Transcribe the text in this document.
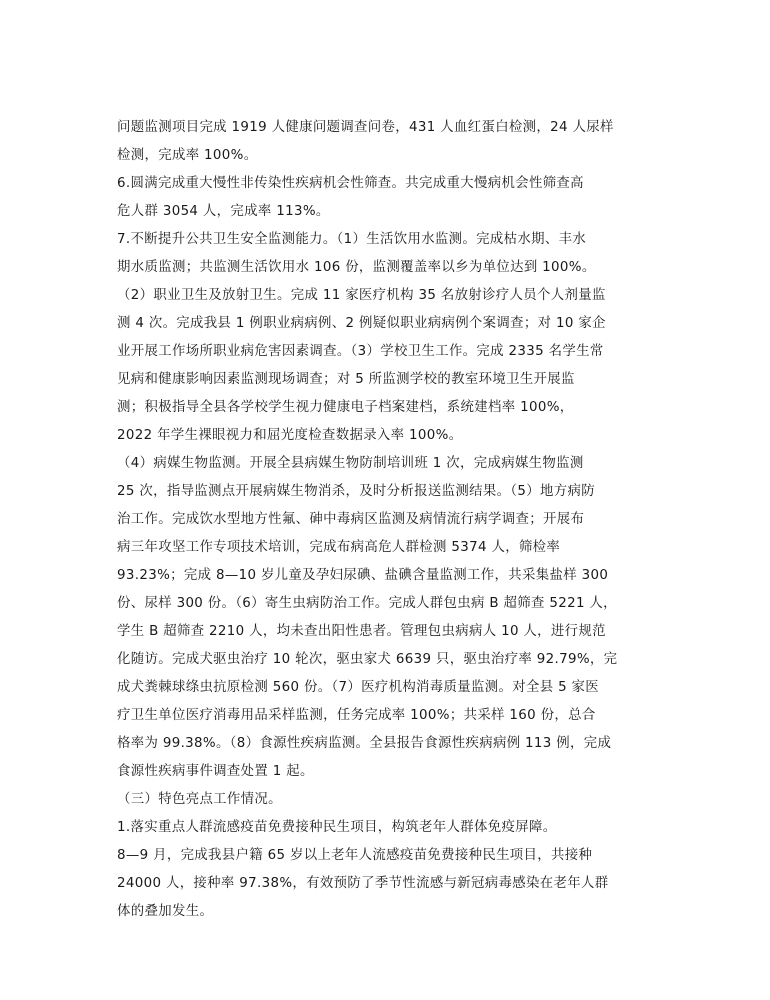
问题监测项目完成 1919 人健康问题调查问卷，431 人血红蛋白检测，24 人尿样
检测，完成率 100%。
6.圆满完成重大慢性非传染性疾病机会性筛查。共完成重大慢病机会性筛查高
危人群 3054 人，完成率 113%。
7.不断提升公共卫生安全监测能力。（1）生活饮用水监测。完成枯水期、丰水
期水质监测；共监测生活饮用水 106 份，监测覆盖率以乡为单位达到 100%。
（2）职业卫生及放射卫生。完成 11 家医疗机构 35 名放射诊疗人员个人剂量监
测 4 次。完成我县 1 例职业病病例、2 例疑似职业病病例个案调查；对 10 家企
业开展工作场所职业病危害因素调查。（3）学校卫生工作。完成 2335 名学生常
见病和健康影响因素监测现场调查；对 5 所监测学校的教室环境卫生开展监
测；积极指导全县各学校学生视力健康电子档案建档，系统建档率 100%，
2022 年学生裸眼视力和屈光度检查数据录入率 100%。
（4）病媒生物监测。开展全县病媒生物防制培训班 1 次，完成病媒生物监测
25 次，指导监测点开展病媒生物消杀，及时分析报送监测结果。（5）地方病防
治工作。完成饮水型地方性氟、砷中毒病区监测及病情流行病学调查；开展布
病三年攻坚工作专项技术培训，完成布病高危人群检测 5374 人，筛检率
93.23%；完成 8—10 岁儿童及孕妇尿碘、盐碘含量监测工作，共采集盐样 300
份、尿样 300 份。（6）寄生虫病防治工作。完成人群包虫病 B 超筛查 5221 人，
学生 B 超筛查 2210 人，均未查出阳性患者。管理包虫病病人 10 人，进行规范
化随访。完成犬驱虫治疗 10 轮次，驱虫家犬 6639 只，驱虫治疗率 92.79%，完
成犬粪棘球绦虫抗原检测 560 份。（7）医疗机构消毒质量监测。对全县 5 家医
疗卫生单位医疗消毒用品采样监测，任务完成率 100%；共采样 160 份，总合
格率为 99.38%。（8）食源性疾病监测。全县报告食源性疾病病例 113 例，完成
食源性疾病事件调查处置 1 起。
（三）特色亮点工作情况。
1.落实重点人群流感疫苗免费接种民生项目，构筑老年人群体免疫屏障。
8—9 月，完成我县户籍 65 岁以上老年人流感疫苗免费接种民生项目，共接种
24000 人，接种率 97.38%，有效预防了季节性流感与新冠病毒感染在老年人群
体的叠加发生。
